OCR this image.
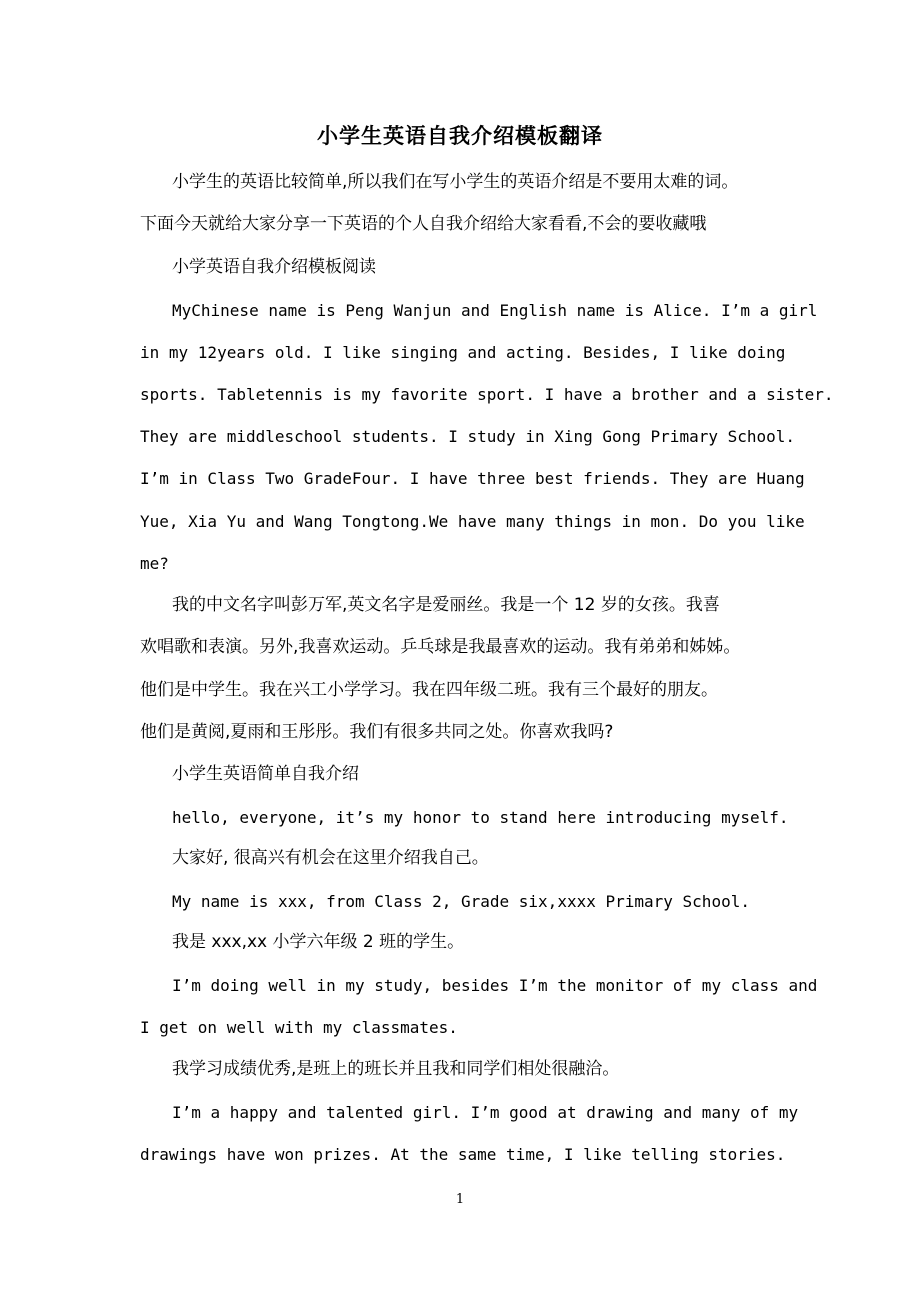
小学生英语自我介绍模板翻译
小学生的英语比较简单,所以我们在写小学生的英语介绍是不要用太难的词。
下面今天就给大家分享一下英语的个人自我介绍给大家看看,不会的要收藏哦
小学英语自我介绍模板阅读
MyChinese name is Peng Wanjun and English name is Alice. I’m a girl
in my 12years old. I like singing and acting. Besides, I like doing
sports. Tabletennis is my favorite sport. I have a brother and a sister.
They are middleschool students. I study in Xing Gong Primary School.
I’m in Class Two GradeFour. I have three best friends. They are Huang
Yue, Xia Yu and Wang Tongtong.We have many things in mon. Do you like
me?
我的中文名字叫彭万军,英文名字是爱丽丝。我是一个 12 岁的女孩。我喜
欢唱歌和表演。另外,我喜欢运动。乒乓球是我最喜欢的运动。我有弟弟和姊姊。
他们是中学生。我在兴工小学学习。我在四年级二班。我有三个最好的朋友。
他们是黄阅,夏雨和王彤彤。我们有很多共同之处。你喜欢我吗?
小学生英语简单自我介绍
hello, everyone, it’s my honor to stand here introducing myself.
大家好, 很高兴有机会在这里介绍我自己。
My name is xxx, from Class 2, Grade six,xxxx Primary School.
我是 xxx,xx 小学六年级 2 班的学生。
I’m doing well in my study, besides I’m the monitor of my class and
I get on well with my classmates.
我学习成绩优秀,是班上的班长并且我和同学们相处很融洽。
I’m a happy and talented girl. I’m good at drawing and many of my
drawings have won prizes. At the same time, I like telling stories.
1
